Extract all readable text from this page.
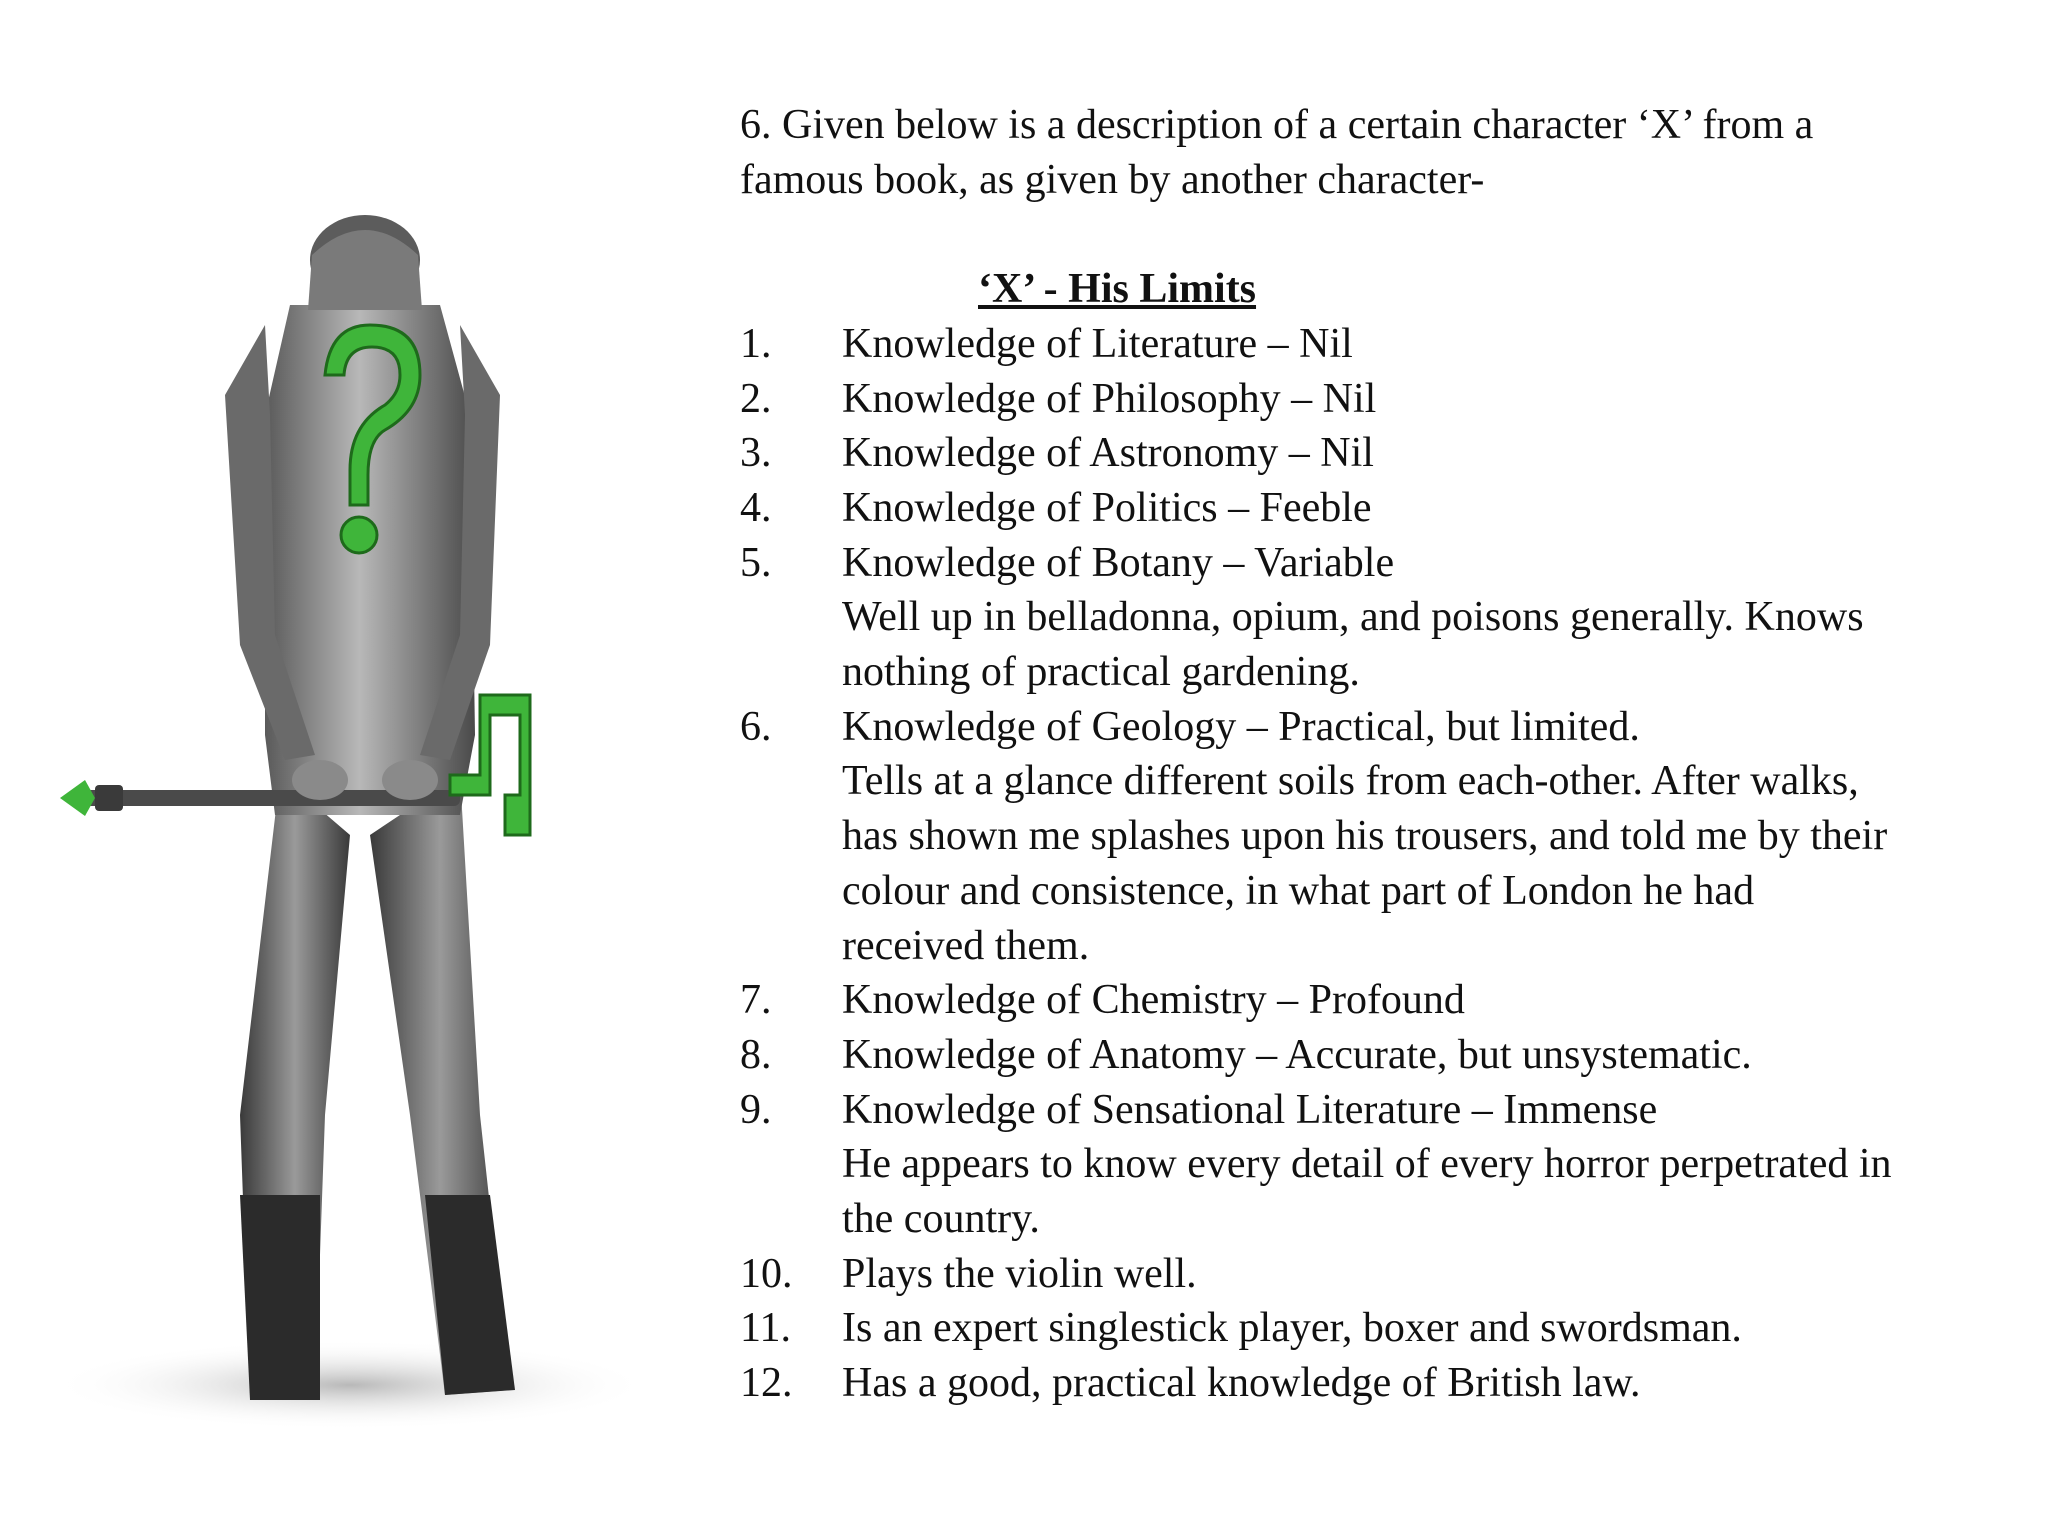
6. Given below is a description of a certain character ‘X’ from a

famous book, as given by another character-

‘X’ - His Limits
1.	Knowledge of Literature – Nil
2.	Knowledge of Philosophy – Nil
3.	Knowledge of Astronomy – Nil
4.	Knowledge of Politics – Feeble
5.	Knowledge of Botany – Variable
Well up in belladonna, opium, and poisons generally. Knows
nothing of practical gardening.
6.	Knowledge of Geology – Practical, but limited.
Tells at a glance different soils from each-other. After walks,
has shown me splashes upon his trousers, and told me by their
colour and consistence, in what part of London he had
received them.
7.	Knowledge of Chemistry – Profound
8.	Knowledge of Anatomy – Accurate, but unsystematic.
9.	Knowledge of Sensational Literature – Immense
He appears to know every detail of every horror perpetrated in
the country.
10.	Plays the violin well.
11.	Is an expert singlestick player, boxer and swordsman.
12.	Has a good, practical knowledge of British law.
